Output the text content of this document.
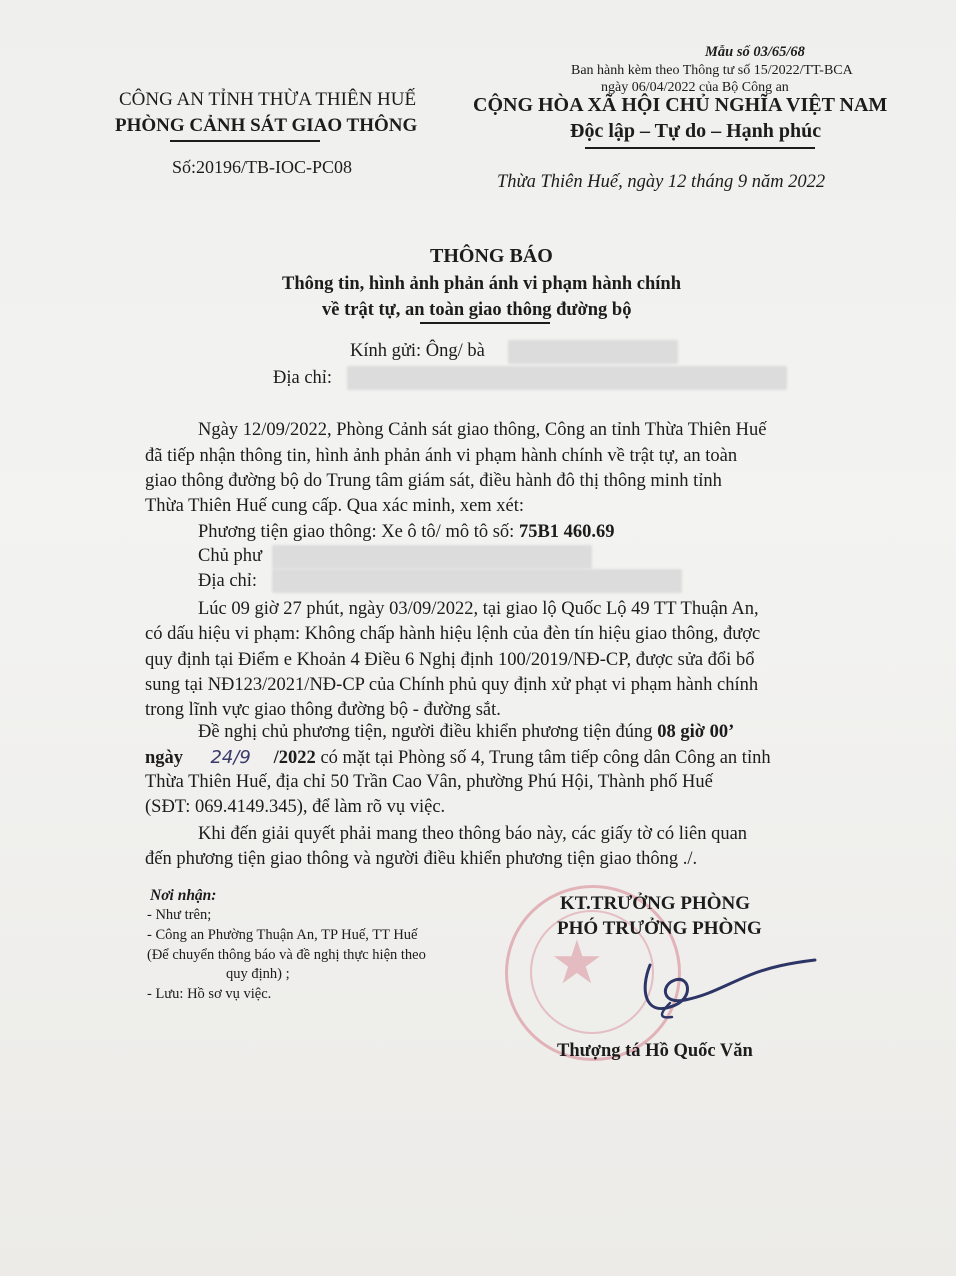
Mẫu số 03/65/68
Ban hành kèm theo Thông tư số 15/2022/TT-BCA
ngày 06/04/2022 của Bộ Công an
CÔNG AN TỈNH THỪA THIÊN HUẾ
PHÒNG CẢNH SÁT GIAO THÔNG
Số:20196/TB-IOC-PC08
CỘNG HÒA XÃ HỘI CHỦ NGHĨA VIỆT NAM
Độc lập – Tự do – Hạnh phúc
Thừa Thiên Huế, ngày 12 tháng 9 năm 2022
THÔNG BÁO
Thông tin, hình ảnh phản ánh vi phạm hành chính
về trật tự, an toàn giao thông đường bộ
Kính gửi: Ông/ bà
Địa chỉ:
Ngày 12/09/2022, Phòng Cảnh sát giao thông, Công an tỉnh Thừa Thiên Huế
đã tiếp nhận thông tin, hình ảnh phản ánh vi phạm hành chính về trật tự, an toàn
giao thông đường bộ do Trung tâm giám sát, điều hành đô thị thông minh tỉnh
Thừa Thiên Huế cung cấp. Qua xác minh, xem xét:
Phương tiện giao thông: Xe ô tô/ mô tô số: 75B1 460.69
Chủ phư
Địa chỉ:
Lúc 09 giờ 27 phút, ngày 03/09/2022, tại giao lộ Quốc Lộ 49 TT Thuận An,
có dấu hiệu vi phạm: Không chấp hành hiệu lệnh của đèn tín hiệu giao thông, được
quy định tại Điểm e Khoản 4 Điều 6 Nghị định 100/2019/NĐ-CP, được sửa đổi bổ
sung tại NĐ123/2021/NĐ-CP của Chính phủ quy định xử phạt vi phạm hành chính
trong lĩnh vực giao thông đường bộ - đường sắt.
Đề nghị chủ phương tiện, người điều khiển phương tiện đúng 08 giờ 00’
ngày 24/9 /2022 có mặt tại Phòng số 4, Trung tâm tiếp công dân Công an tỉnh
Thừa Thiên Huế, địa chỉ 50 Trần Cao Vân, phường Phú Hội, Thành phố Huế
(SĐT: 069.4149.345), để làm rõ vụ việc.
Khi đến giải quyết phải mang theo thông báo này, các giấy tờ có liên quan
đến phương tiện giao thông và người điều khiển phương tiện giao thông ./.
Nơi nhận:
- Như trên;
- Công an Phường Thuận An, TP Huế, TT Huế
(Để chuyển thông báo và đề nghị thực hiện theo
quy định) ;
- Lưu: Hồ sơ vụ việc.	★
KT.TRƯỞNG PHÒNG
PHÓ TRƯỞNG PHÒNG
Thượng tá Hồ Quốc Văn
